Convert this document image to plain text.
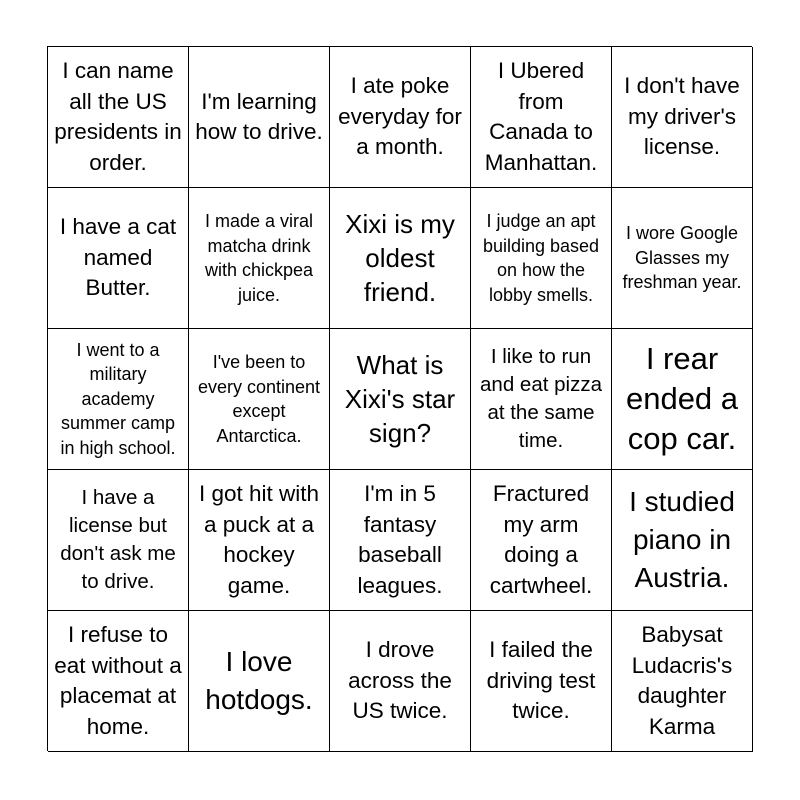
I can name all the US presidents in order.
I'm learning how to drive.
I ate poke everyday for a month.
I Ubered from Canada to Manhattan.
I don't have my driver's license.
I have a cat named Butter.
I made a viral matcha drink with chickpea juice.
Xixi is my oldest friend.
I judge an apt building based on how the lobby smells.
I wore Google Glasses my freshman year.
I went to a military academy summer camp in high school.
I've been to every continent except Antarctica.
What is Xixi's star sign?
I like to run and eat pizza at the same time.
I rear ended a cop car.
I have a license but don't ask me to drive.
I got hit with a puck at a hockey game.
I'm in 5 fantasy baseball leagues.
Fractured my arm doing a cartwheel.
I studied piano in Austria.
I refuse to eat without a placemat at home.
I love hotdogs.
I drove across the US twice.
I failed the driving test twice.
Babysat Ludacris's daughter Karma
